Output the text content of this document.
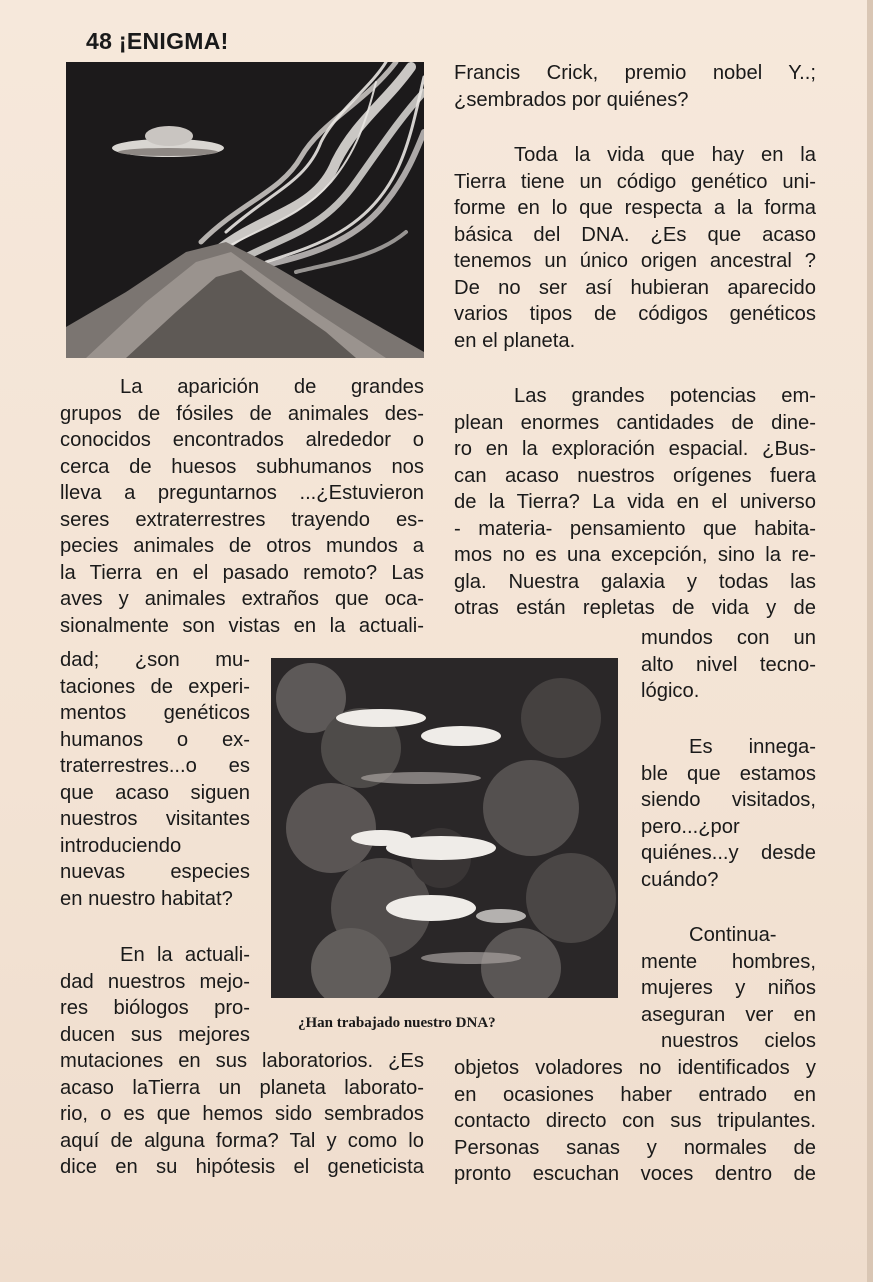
48 ¡ENIGMA!
¿Han trabajado nuestro DNA?
La aparición de grandes
grupos de fósiles de animales des-
conocidos encontrados alrededor o
cerca de huesos subhumanos nos
lleva a preguntarnos ...¿Estuvieron
seres extraterrestres trayendo es-
pecies animales de otros mundos a
la Tierra en el pasado remoto? Las
aves y animales extraños que oca-
sionalmente son vistas en la actuali-
dad; ¿son mu-
taciones de experi-
mentos genéticos
humanos o ex-
traterrestres...o es
que acaso siguen
nuestros visitantes
introduciendo
nuevas especies
en nuestro habitat?
En la actuali-
dad nuestros mejo-
res biólogos pro-
ducen sus mejores
mutaciones en sus laboratorios. ¿Es
acaso laTierra un planeta laborato-
rio, o es que hemos sido sembrados
aquí de alguna forma? Tal y como lo
dice en su hipótesis el geneticista
Francis Crick, premio nobel Y..;
¿sembrados por quiénes?
Toda la vida que hay en la
Tierra tiene un código genético uni-
forme en lo que respecta a la forma
básica del DNA. ¿Es que acaso
tenemos un único origen ancestral ?
De no ser así hubieran aparecido
varios tipos de códigos genéticos
en el planeta.
Las grandes potencias em-
plean enormes cantidades de dine-
ro en la exploración espacial. ¿Bus-
can acaso nuestros orígenes fuera
de la Tierra? La vida en el universo
- materia- pensamiento que habita-
mos no es una excepción, sino la re-
gla. Nuestra galaxia y todas las
otras están repletas de vida y de
mundos con un
alto nivel tecno-
lógico.
Es innega-
ble que estamos
siendo visitados,
pero...¿por
quiénes...y desde
cuándo?
Continua-
mente hombres,
mujeres y niños
aseguran ver en
nuestros cielos
objetos voladores no identificados y
en ocasiones haber entrado en
contacto directo con sus tripulantes.
Personas sanas y normales de
pronto escuchan voces dentro de
